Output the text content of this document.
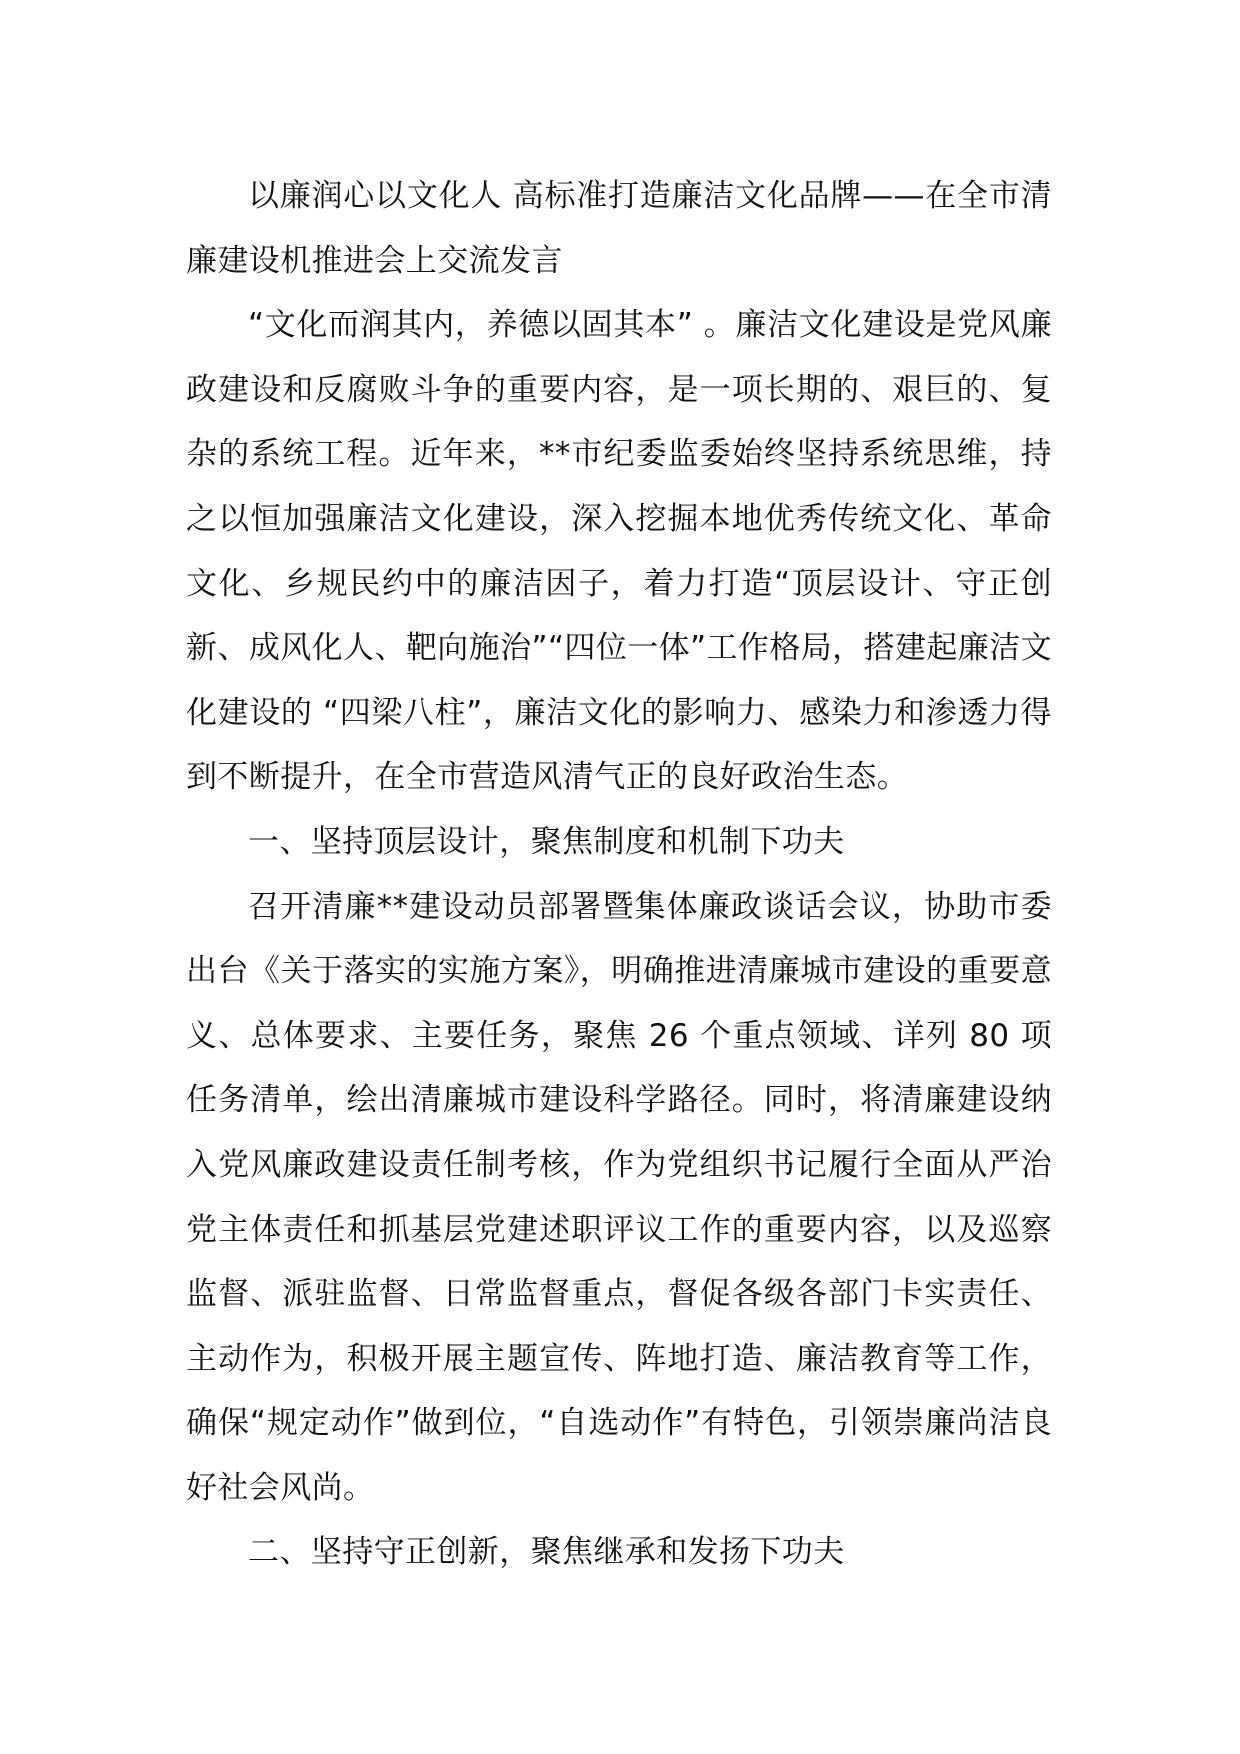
以廉润心以文化人 高标准打造廉洁文化品牌——在全市清廉建设机推进会上交流发言

“文化而润其内，养德以固其本” 。廉洁文化建设是党风廉政建设和反腐败斗争的重要内容，是一项长期的、艰巨的、复杂的系统工程。近年来，**市纪委监委始终坚持系统思维，持之以恒加强廉洁文化建设，深入挖掘本地优秀传统文化、革命文化、乡规民约中的廉洁因子，着力打造“顶层设计、守正创新、成风化人、靶向施治”“四位一体”工作格局，搭建起廉洁文化建设的 “四梁八柱”，廉洁文化的影响力、感染力和渗透力得到不断提升，在全市营造风清气正的良好政治生态。

一、坚持顶层设计，聚焦制度和机制下功夫

召开清廉**建设动员部署暨集体廉政谈话会议，协助市委出台《关于落实的实施方案》，明确推进清廉城市建设的重要意义、总体要求、主要任务，聚焦 26 个重点领域、详列 80 项任务清单，绘出清廉城市建设科学路径。同时，将清廉建设纳入党风廉政建设责任制考核，作为党组织书记履行全面从严治党主体责任和抓基层党建述职评议工作的重要内容，以及巡察监督、派驻监督、日常监督重点，督促各级各部门卡实责任、主动作为，积极开展主题宣传、阵地打造、廉洁教育等工作，确保“规定动作”做到位，“自选动作”有特色，引领崇廉尚洁良好社会风尚。

二、坚持守正创新，聚焦继承和发扬下功夫
